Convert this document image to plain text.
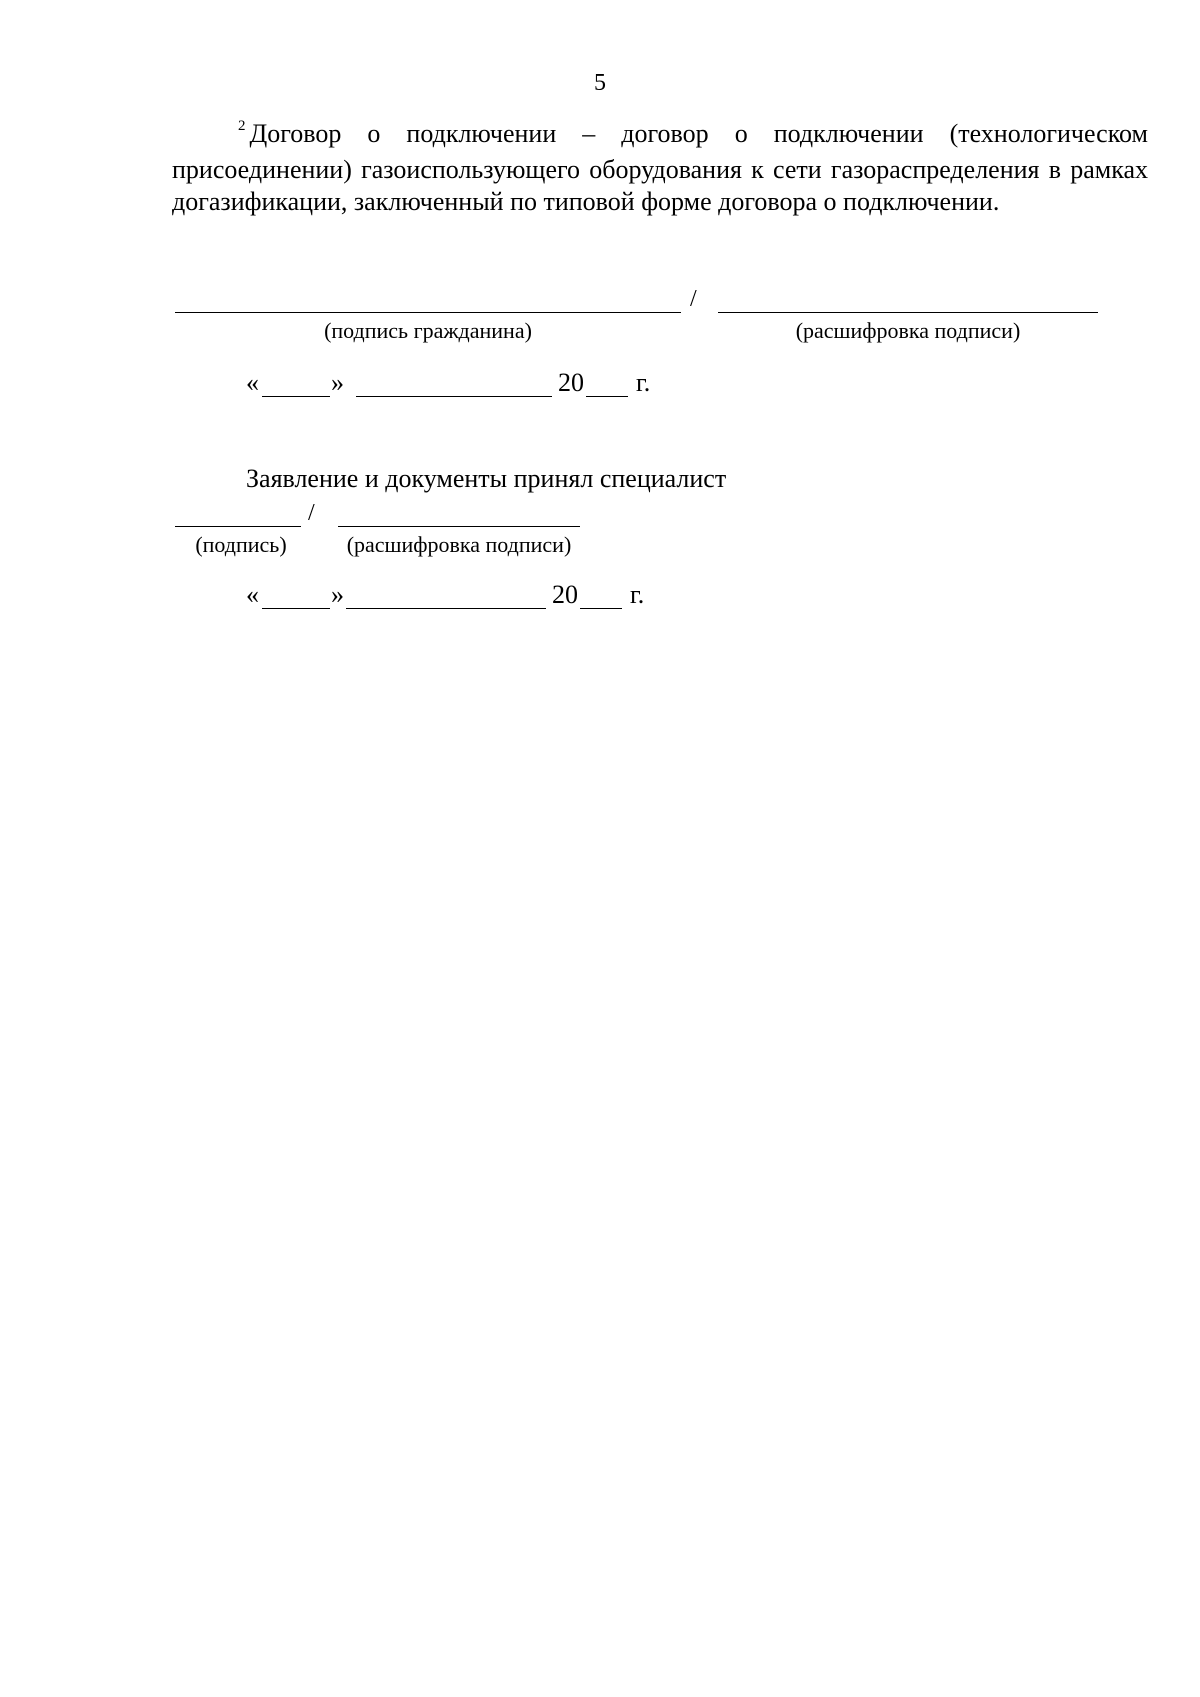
5
$^2$ Договор о подключении – договор о подключении (технологическом присоединении) газоиспользующего оборудования к сети газораспределения в рамках догазификации, заключенный по типовой форме договора о подключении.
/
(подпись гражданина)	(расшифровка подписи)
«	»	20 г.
Заявление и документы принял специалист
/
(подпись)	(расшифровка подписи)
«	»	20 г.
